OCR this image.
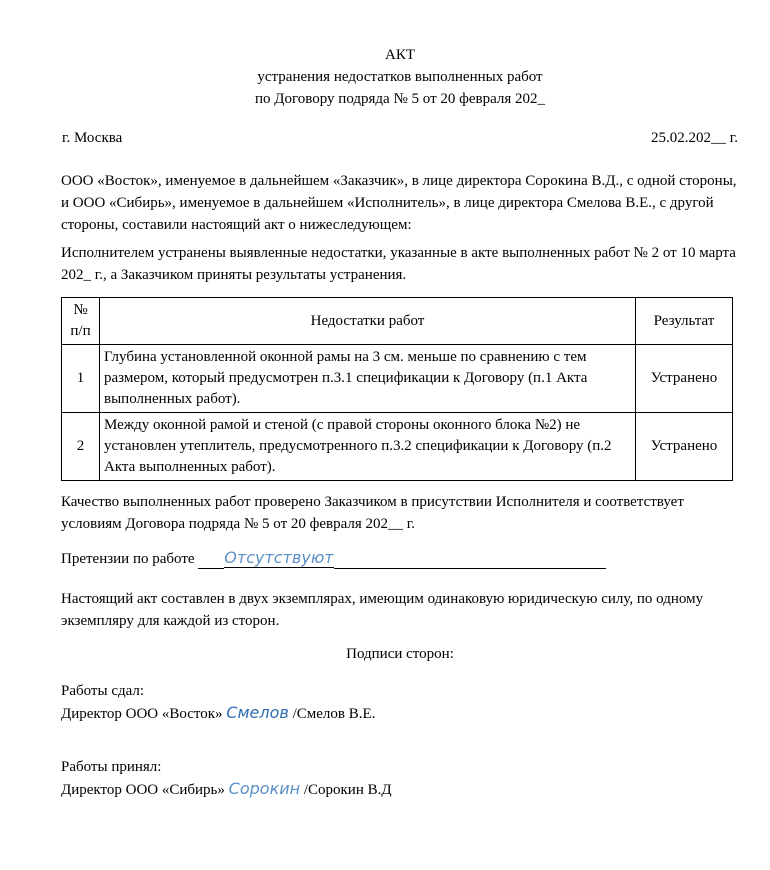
АКТ
устранения недостатков выполненных работ
по Договору подряда № 5 от 20 февраля 202_
г. Москва	25.02.202__ г.
ООО «Восток», именуемое в дальнейшем «Заказчик», в лице директора Сорокина В.Д., с одной стороны, и ООО «Сибирь», именуемое в дальнейшем «Исполнитель», в лице директора Смелова В.Е., с другой стороны, составили настоящий акт о нижеследующем:
Исполнителем устранены выявленные недостатки, указанные в акте выполненных работ № 2 от 10 марта 202_ г., а Заказчиком приняты результаты устранения.
№ п/п	Недостатки работ	Результат
1	Глубина установленной оконной рамы на 3 см. меньше по сравнению с тем размером, который предусмотрен п.3.1 спецификации к Договору (п.1 Акта выполненных работ).	Устранено
2	Между оконной рамой и стеной (с правой стороны оконного блока №2) не установлен утеплитель, предусмотренного п.3.2 спецификации к Договору (п.2 Акта выполненных работ).	Устранено
Качество выполненных работ проверено Заказчиком в присутствии Исполнителя и соответствует условиям Договора подряда № 5 от 20 февраля 202__ г.
Претензии по работе Отсутствуют
Настоящий акт составлен в двух экземплярах, имеющим одинаковую юридическую силу, по одному экземпляру для каждой из сторон.
Подписи сторон:
Работы сдал:
Директор ООО «Восток» Смелов /Смелов В.Е.
Работы принял:
Директор ООО «Сибирь» Сорокин /Сорокин В.Д
